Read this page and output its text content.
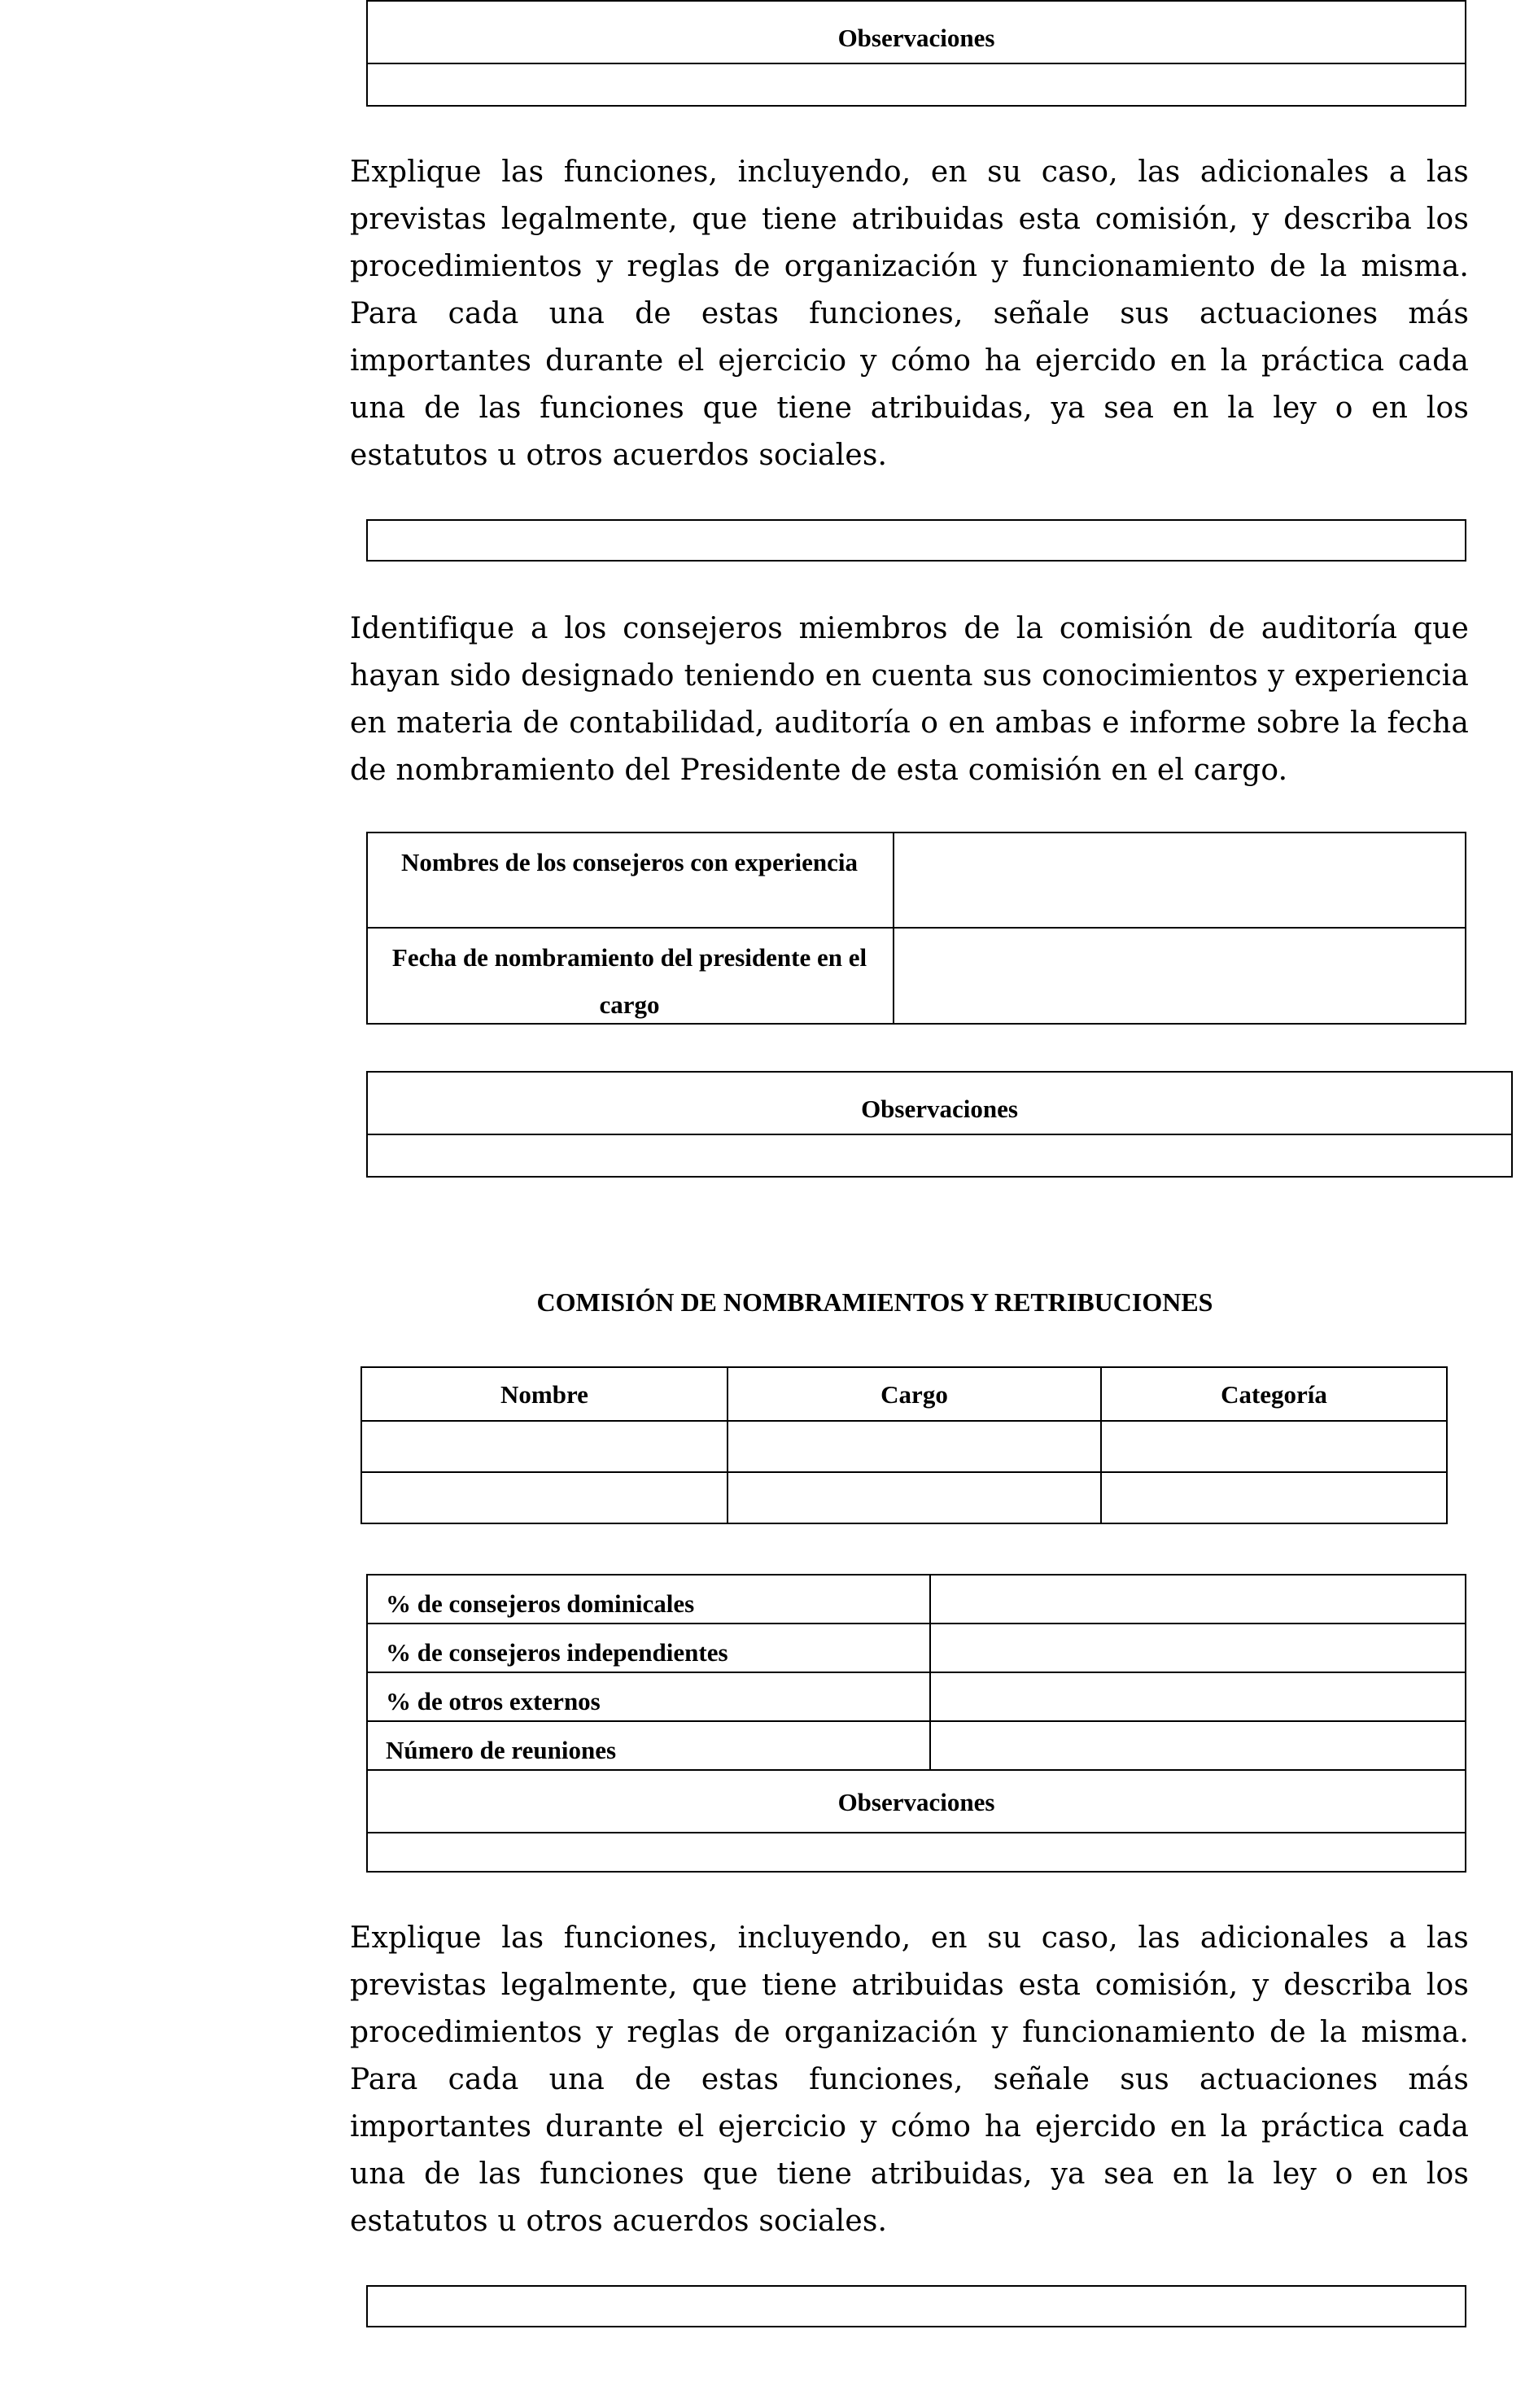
Observaciones
Explique las funciones, incluyendo, en su caso, las adicionales a las previstas legalmente, que tiene atribuidas esta comisión, y describa los procedimientos y reglas de organización y funcionamiento de la misma. Para cada una de estas funciones, señale sus actuaciones más importantes durante el ejercicio y cómo ha ejercido en la práctica cada una de las funciones que tiene atribuidas, ya sea en la ley o en los estatutos u otros acuerdos sociales.
Identifique a los consejeros miembros de la comisión de auditoría que hayan sido designado teniendo en cuenta sus conocimientos y experiencia en materia de contabilidad, auditoría o en ambas e informe sobre la fecha de nombramiento del Presidente de esta comisión en el cargo.
Nombres de los consejeros con experiencia
Fecha de nombramiento del presidente en el cargo
Observaciones
COMISIÓN DE NOMBRAMIENTOS Y RETRIBUCIONES
Nombre	Cargo	Categoría
% de consejeros dominicales
% de consejeros independientes
% de otros externos
Número de reuniones
Observaciones
Explique las funciones, incluyendo, en su caso, las adicionales a las previstas legalmente, que tiene atribuidas esta comisión, y describa los procedimientos y reglas de organización y funcionamiento de la misma. Para cada una de estas funciones, señale sus actuaciones más importantes durante el ejercicio y cómo ha ejercido en la práctica cada una de las funciones que tiene atribuidas, ya sea en la ley o en los estatutos u otros acuerdos sociales.
